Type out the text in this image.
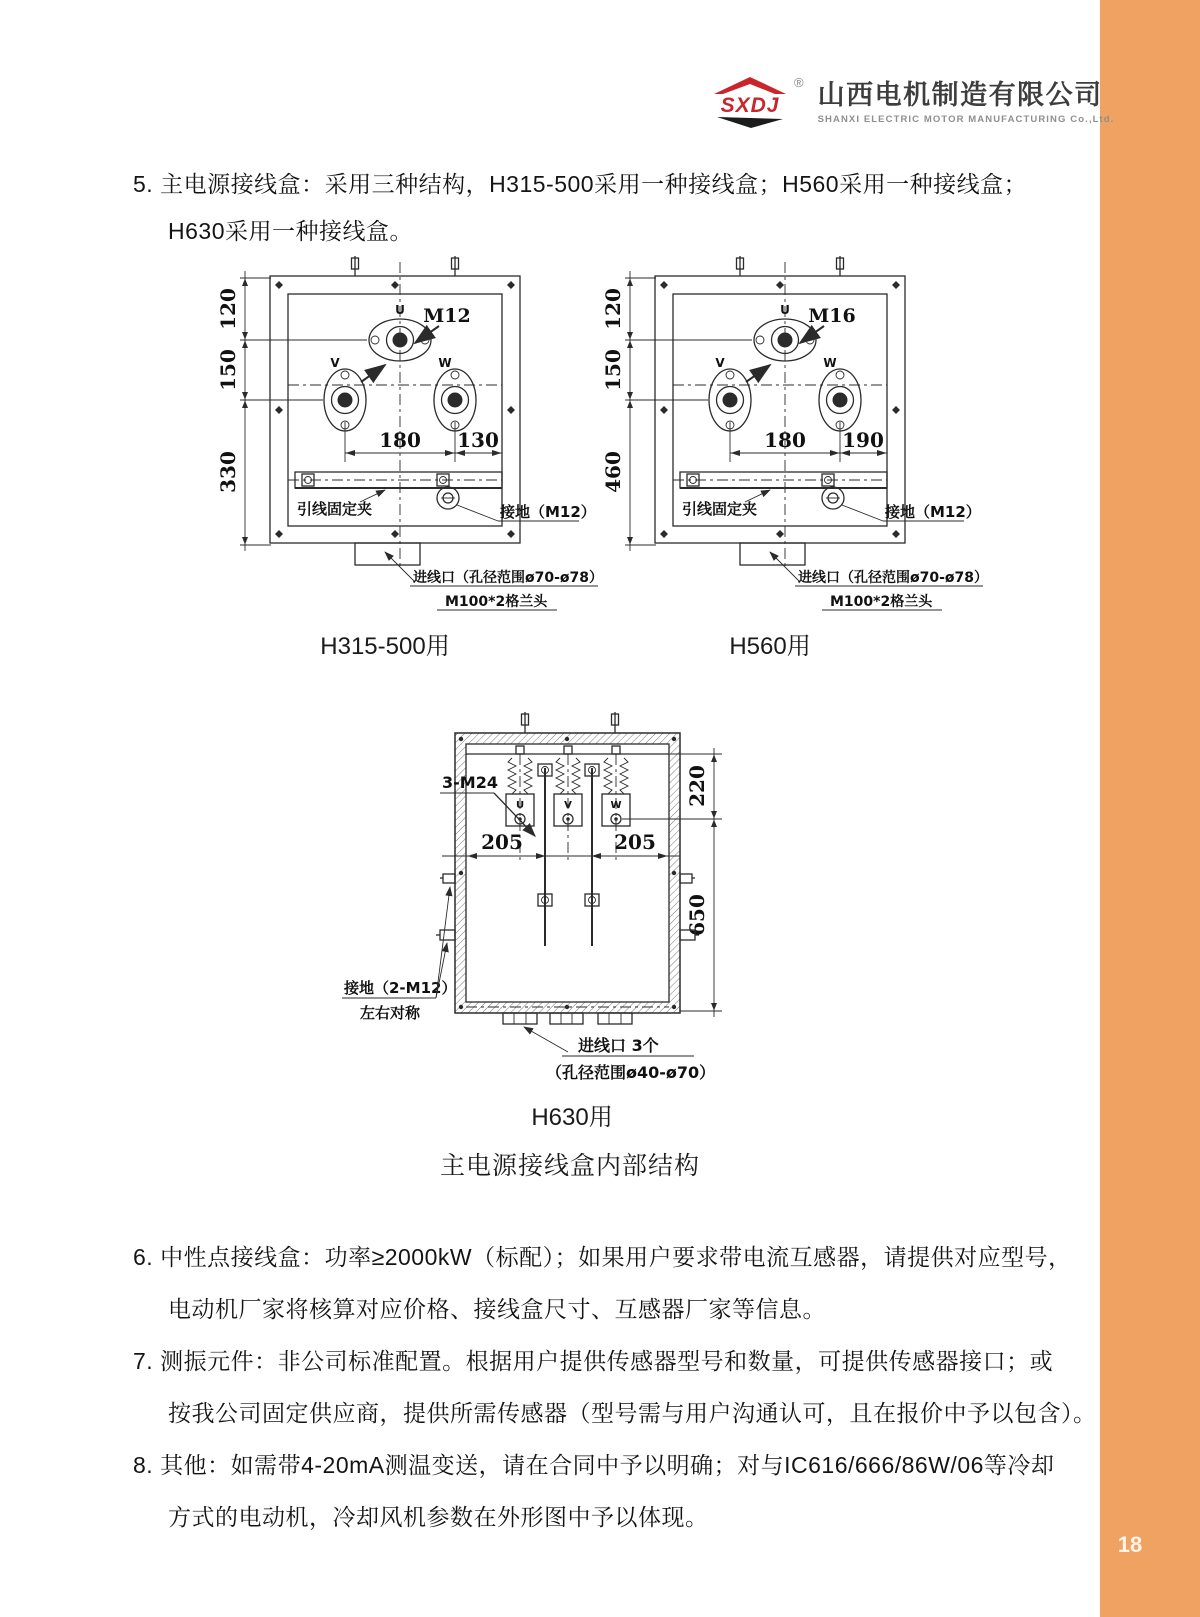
18
SXDJ
® 山西电机制造有限公司
SHANXI ELECTRIC MOTOR MANUFACTURING Co.,Ltd.
5. 主电源接线盒：采用三种结构，H315-500采用一种接线盒；H560采用一种接线盒；
H630采用一种接线盒。
120
150
330
U
V	W
M12
180 130
引线固定夹	接地（M12）
进线口（孔径范围ø70-ø78）
M100*2格兰头
H315-500用
120
150
460
U
V	W
M16
180 190
引线固定夹	接地（M12）
进线口（孔径范围ø70-ø78）
M100*2格兰头
H560用
U	V	W
3-M24
205	205
220
650
接地（2-M12）
左右对称
进线口 3个
（孔径范围ø40-ø70）
H630用
主电源接线盒内部结构
6. 中性点接线盒：功率≥2000kW（标配）；如果用户要求带电流互感器，请提供对应型号，
电动机厂家将核算对应价格、接线盒尺寸、互感器厂家等信息。
7. 测振元件：非公司标准配置。根据用户提供传感器型号和数量，可提供传感器接口；或
按我公司固定供应商，提供所需传感器（型号需与用户沟通认可，且在报价中予以包含）。
8. 其他：如需带4-20mA测温变送，请在合同中予以明确；对与IC616/666/86W/06等冷却
方式的电动机，冷却风机参数在外形图中予以体现。
